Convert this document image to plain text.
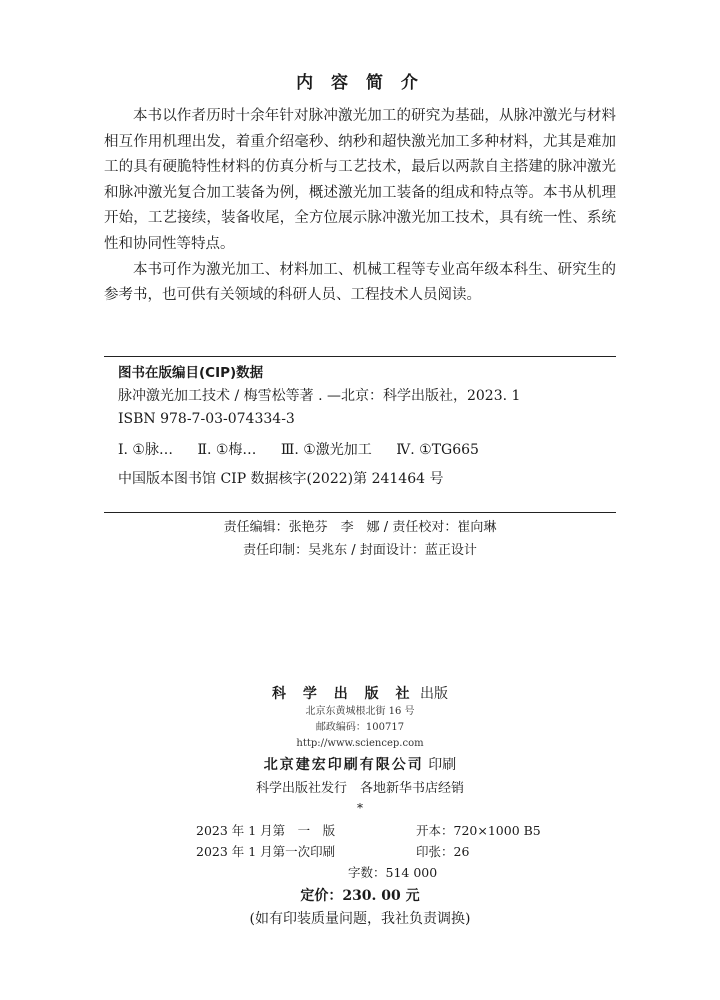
内 容 简 介

本书以作者历时十余年针对脉冲激光加工的研究为基础，从脉冲激光与材料相互作用机理出发，着重介绍毫秒、纳秒和超快激光加工多种材料，尤其是难加工的具有硬脆特性材料的仿真分析与工艺技术，最后以两款自主搭建的脉冲激光和脉冲激光复合加工装备为例，概述激光加工装备的组成和特点等。本书从机理开始，工艺接续，装备收尾，全方位展示脉冲激光加工技术，具有统一性、系统性和协同性等特点。

本书可作为激光加工、材料加工、机械工程等专业高年级本科生、研究生的参考书，也可供有关领域的科研人员、工程技术人员阅读。

图书在版编目(CIP)数据
脉冲激光加工技术 / 梅雪松等著 . —北京：科学出版社，2023. 1
ISBN 978-7-03-074334-3
Ⅰ. ①脉… Ⅱ. ①梅… Ⅲ. ①激光加工 Ⅳ. ①TG665
中国版本图书馆 CIP 数据核字(2022)第 241464 号
责任编辑：张艳芬　李　娜 / 责任校对：崔向琳
责任印制：吴兆东 / 封面设计：蓝正设计
科 学 出 版 社 出版
北京东黄城根北街 16 号
邮政编码：100717
http://www.sciencep.com
北京建宏印刷有限公司 印刷
科学出版社发行　各地新华书店经销
*
2023 年 1 月第　一　版	开本：720×1000 B5
2023 年 1 月第一次印刷	印张：26
字数：514 000
定价：230. 00 元
(如有印装质量问题，我社负责调换)
